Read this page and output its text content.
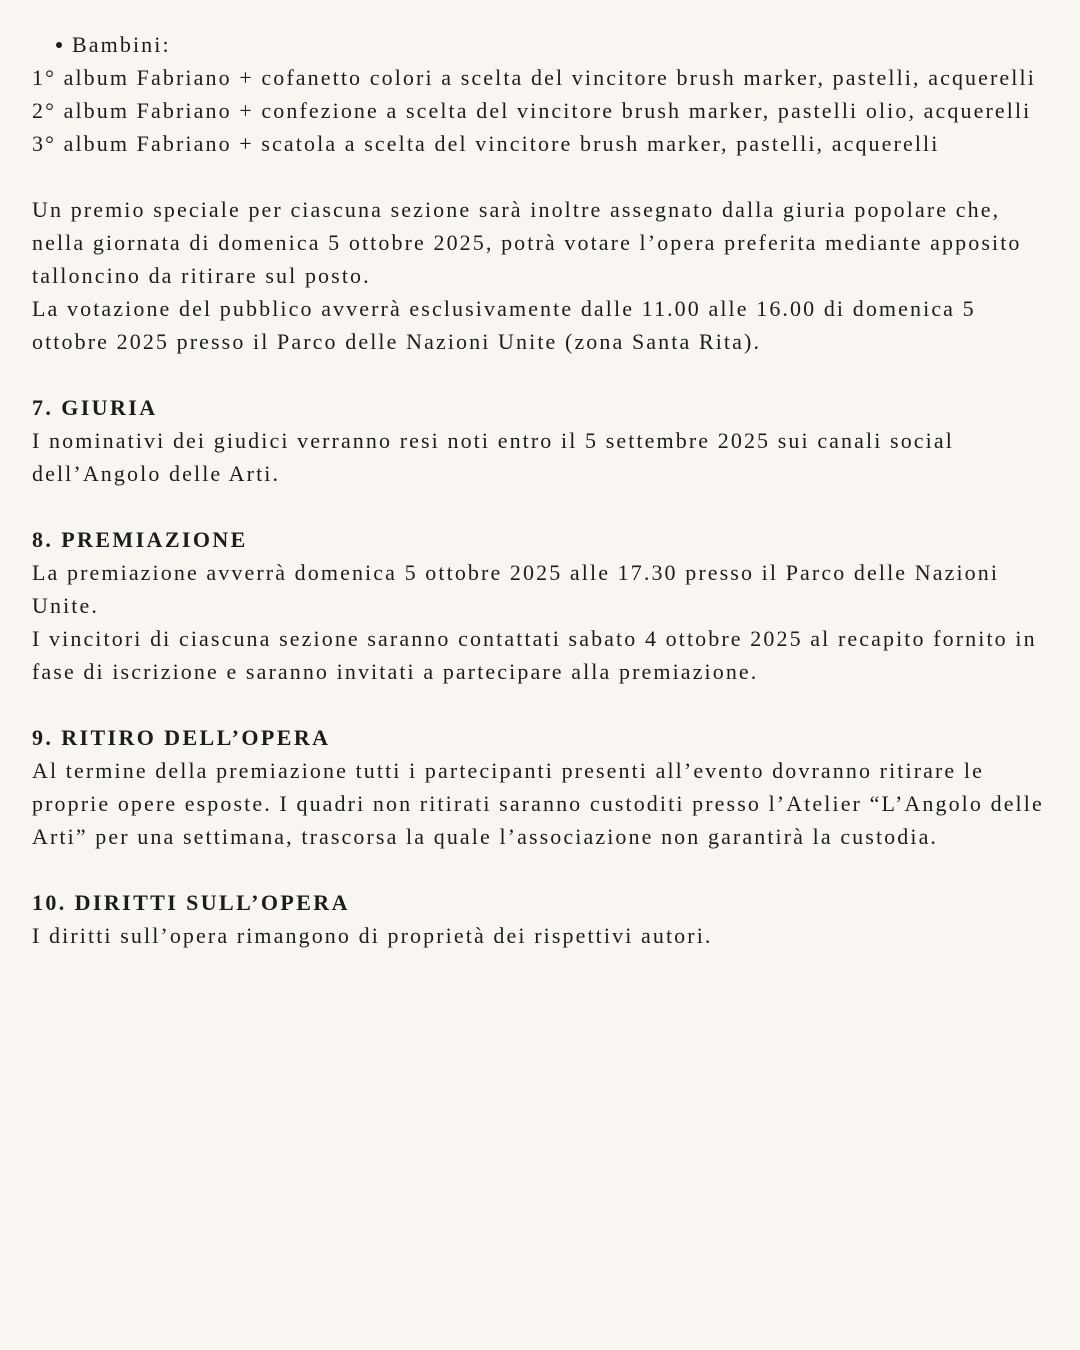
Bambini:
1° album Fabriano + cofanetto colori a scelta del vincitore brush marker, pastelli, acquerelli
2° album Fabriano + confezione a scelta del vincitore brush marker, pastelli olio, acquerelli
3° album Fabriano + scatola a scelta del vincitore brush marker, pastelli, acquerelli
Un premio speciale per ciascuna sezione sarà inoltre assegnato dalla giuria popolare che, nella giornata di domenica 5 ottobre 2025, potrà votare l’opera preferita mediante apposito talloncino da ritirare sul posto.
La votazione del pubblico avverrà esclusivamente dalle 11.00 alle 16.00 di domenica 5 ottobre 2025 presso il Parco delle Nazioni Unite (zona Santa Rita).
7. GIURIA
I nominativi dei giudici verranno resi noti entro il 5 settembre 2025 sui canali social dell’Angolo delle Arti.
8. PREMIAZIONE
La premiazione avverrà domenica 5 ottobre 2025 alle 17.30 presso il Parco delle Nazioni Unite.
I vincitori di ciascuna sezione saranno contattati sabato 4 ottobre 2025 al recapito fornito in fase di iscrizione e saranno invitati a partecipare alla premiazione.
9. RITIRO DELL’OPERA
Al termine della premiazione tutti i partecipanti presenti all’evento dovranno ritirare le proprie opere esposte. I quadri non ritirati saranno custoditi presso l’Atelier “L’Angolo delle Arti” per una settimana, trascorsa la quale l’associazione non garantirà la custodia.
10. DIRITTI SULL’OPERA
I diritti sull’opera rimangono di proprietà dei rispettivi autori.
